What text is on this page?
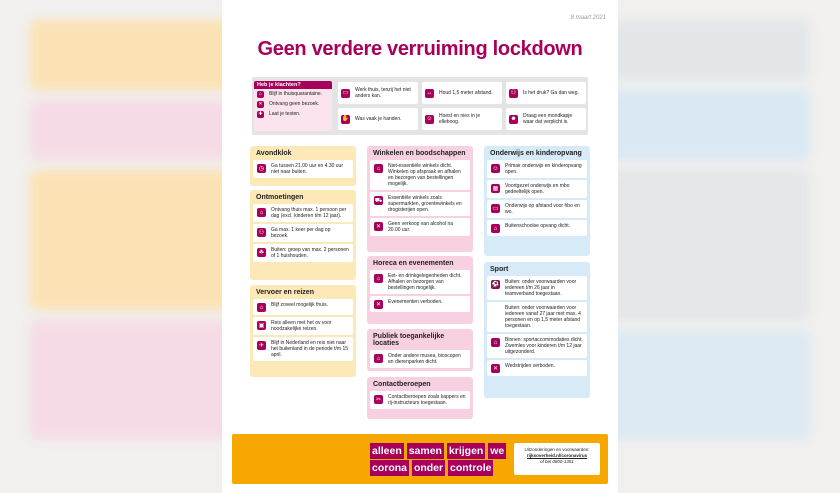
8 maart 2021
Geen verdere verruiming lockdown
Heb je klachten?
⌂	Blijf in thuisquarantaine.
✕ Ontvang geen bezoek.
✚ Laat je testen.
▭	Werk thuis, tenzij het niet anders kan.	↔	Houd 1,5 meter afstand.	⚇	Is het druk? Ga dan weg.
✋ Was vaak je handen.	☺ Hoest en nies in je elleboog.	☻ Draag een mondkapje waar dat verplicht is.
Avondklok
◷	Ga tussen 21.00 uur en 4.30 uur niet naar buiten.
Ontmoetingen
⌂	Ontvang thuis max. 1 persoon per dag (excl. kinderen t/m 12 jaar).
⚇	Ga max. 1 keer per dag op bezoek.
☘	Buiten: groep van max. 2 personen of 1 huishouden.
Vervoer en reizen
⌂	Blijf zoveel mogelijk thuis.
▣	Reis alleen met het ov voor noodzakelijke reizen.
✈	Blijf in Nederland en reis niet naar het buitenland in de periode t/m 15 april.
Winkelen en boodschappen
⌂	Niet-essentiële winkels dicht. Winkelen op afspraak en afhalen en bezorgen van bestellingen mogelijk.
⛟ Essentiële winkels zoals supermarkten, groentewinkels en drogisterijen open.
✕	Geen verkoop van alcohol na 20.00 uur.
Horeca en evenementen
⌂	Eet- en drinkgelegenheden dicht. Afhalen en bezorgen van bestellingen mogelijk.
✕	Evenementen verboden.
Publiek toegankelijke locaties
⌂	Onder andere musea, bioscopen en dierenparken dicht.
Contactberoepen
✂	Contactberoepen zoals kappers en rij-instructeurs toegestaan.
Onderwijs en kinderopvang
☺ Primair onderwijs en kinderopvang open.
▦	Voortgezet onderwijs en mbo gedeeltelijk open.
▭	Onderwijs op afstand voor hbo en wo.
⌂	Buitenschoolse opvang dicht.
Sport
⚽ Buiten: onder voorwaarden voor iedereen t/m 26 jaar in teamverband toegestaan.
Buiten: onder voorwaarden voor iedereen vanaf 27 jaar met max. 4 personen en op 1,5 meter afstand toegestaan.
⌂	Binnen: sportaccommodaties dicht. Zwemles voor kinderen t/m 12 jaar uitgezonderd.
✕	Wedstrijden verboden.
alleen samen krijgen we
corona onder controle
Uitzonderingen en voorwaarden:
rijksoverheid.nl/coronavirus
of bel 0800-1351
